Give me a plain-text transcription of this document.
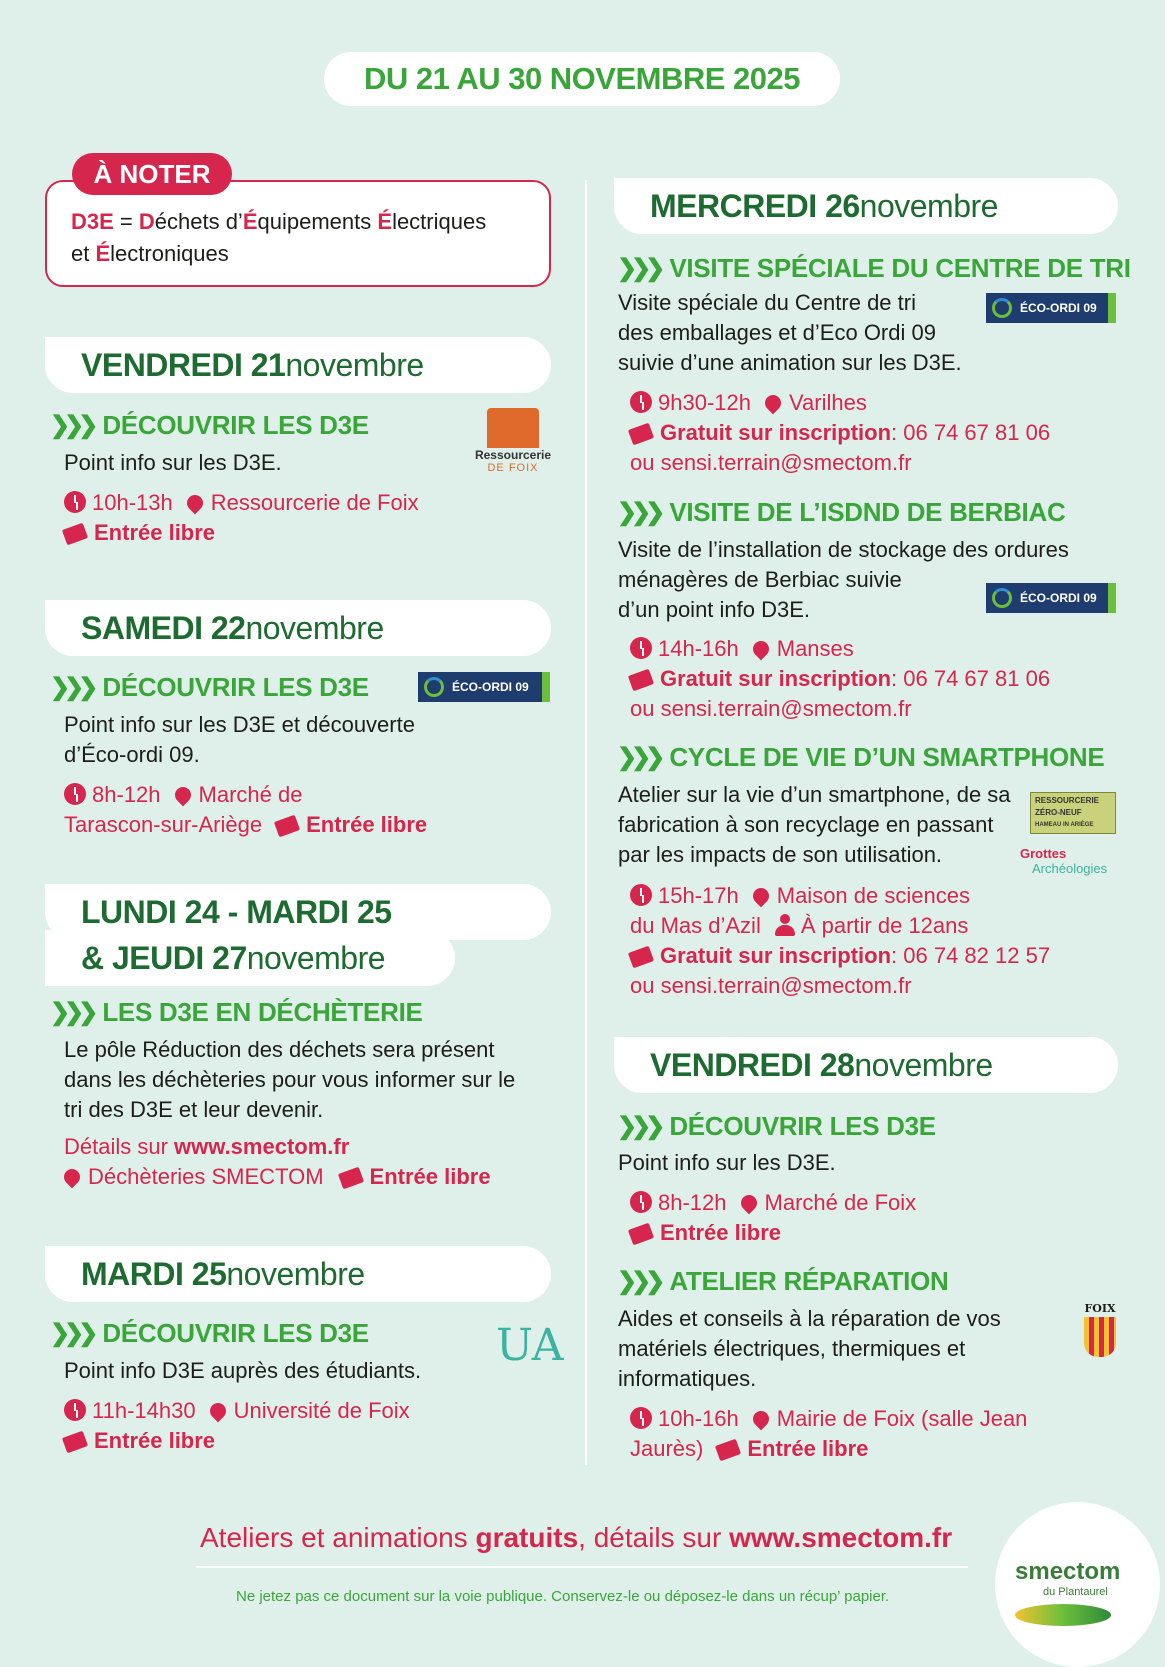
DU 21 AU 30 NOVEMBRE 2025
D3E = Déchets d’Équipements Électriques
et Électroniques
À NOTER
VENDREDI 21 novembre
❯❯❯ DÉCOUVRIR LES D3E
Point info sur les D3E.
10h-13h Ressourcerie de Foix
Entrée libre
Ressourcerie
DE FOIX
SAMEDI 22 novembre
❯❯❯ DÉCOUVRIR LES D3E	ÉCO-ORDI 09
Point info sur les D3E et découverte
d’Éco-ordi 09.
8h-12h Marché de
Tarascon-sur-Ariège Entrée libre
LUNDI 24 - MARDI 25
& JEUDI 27 novembre
❯❯❯ LES D3E EN DÉCHÈTERIE
Le pôle Réduction des déchets sera présent
dans les déchèteries pour vous informer sur le
tri des D3E et leur devenir.
Détails sur www.smectom.fr
Déchèteries SMECTOM Entrée libre
MARDI 25 novembre
❯❯❯ DÉCOUVRIR LES D3E	UA
Point info D3E auprès des étudiants.
11h-14h30 Université de Foix
Entrée libre
MERCREDI 26 novembre
❯❯❯ VISITE SPÉCIALE DU CENTRE DE TRI
Visite spéciale du Centre de tri
des emballages et d’Eco Ordi 09
suivie d’une animation sur les D3E.
ÉCO-ORDI 09
9h30-12h Varilhes
Gratuit sur inscription: 06 74 67 81 06
ou sensi.terrain@smectom.fr
❯❯❯ VISITE DE L’ISDND DE BERBIAC
Visite de l’installation de stockage des ordures
ménagères de Berbiac suivie
d’un point info D3E.	ÉCO-ORDI 09
14h-16h Manses
Gratuit sur inscription: 06 74 67 81 06
ou sensi.terrain@smectom.fr
❯❯❯ CYCLE DE VIE D’UN SMARTPHONE
Atelier sur la vie d’un smartphone, de sa
fabrication à son recyclage en passant
par les impacts de son utilisation.
RESSOURCERIE
ZÉRO-NEUF
HAMEAU IN ARIÈGE
Grottes
Archéologies
15h-17h Maison de sciences
du Mas d’Azil À partir de 12ans
Gratuit sur inscription: 06 74 82 12 57
ou sensi.terrain@smectom.fr
VENDREDI 28 novembre
❯❯❯ DÉCOUVRIR LES D3E
Point info sur les D3E.
8h-12h Marché de Foix
Entrée libre
❯❯❯ ATELIER RÉPARATION
Aides et conseils à la réparation de vos
matériels électriques, thermiques et
informatiques.
FOIX
10h-16h Mairie de Foix (salle Jean
Jaurès) Entrée libre
Ateliers et animations gratuits, détails sur www.smectom.fr
Ne jetez pas ce document sur la voie publique. Conservez-le ou déposez-le dans un récup’ papier.
smectom
du Plantaurel
